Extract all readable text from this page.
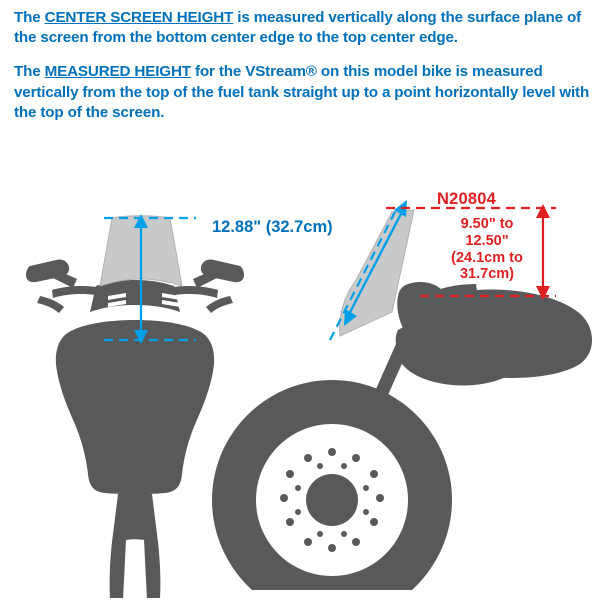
The CENTER SCREEN HEIGHT is measured vertically along the surface plane of the screen from the bottom center edge to the top center edge.

The MEASURED HEIGHT for the VStream® on this model bike is measured vertically from the top of the fuel tank straight up to a point horizontally level with the top of the screen.

12.88" (32.7cm)
N20804
9.50" to
12.50"
(24.1cm to
31.7cm)
